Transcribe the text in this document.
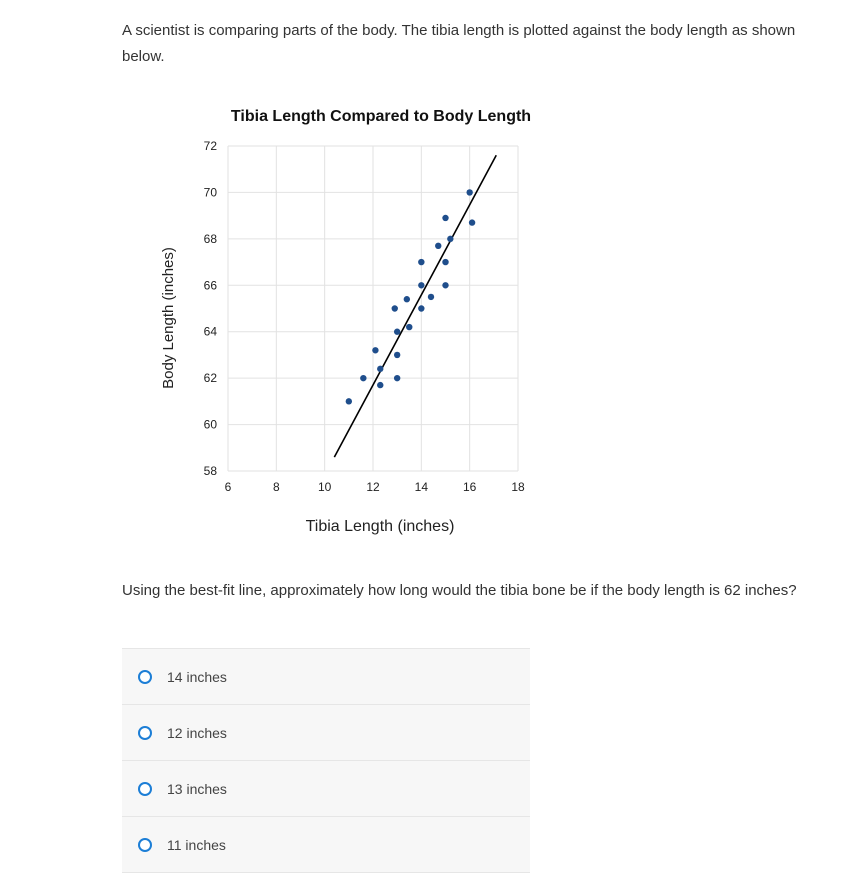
A scientist is comparing parts of the body. The tibia length is plotted against the body length as shown below.
Tibia Length Compared to Body Length
Body Length (inches)
Tibia Length (inches)
6	8	10	12	14	16	18
58
60
62
64
66
68
70
72
Using the best-fit line, approximately how long would the tibia bone be if the body length is 62 inches?
14 inches
12 inches
13 inches
11 inches
